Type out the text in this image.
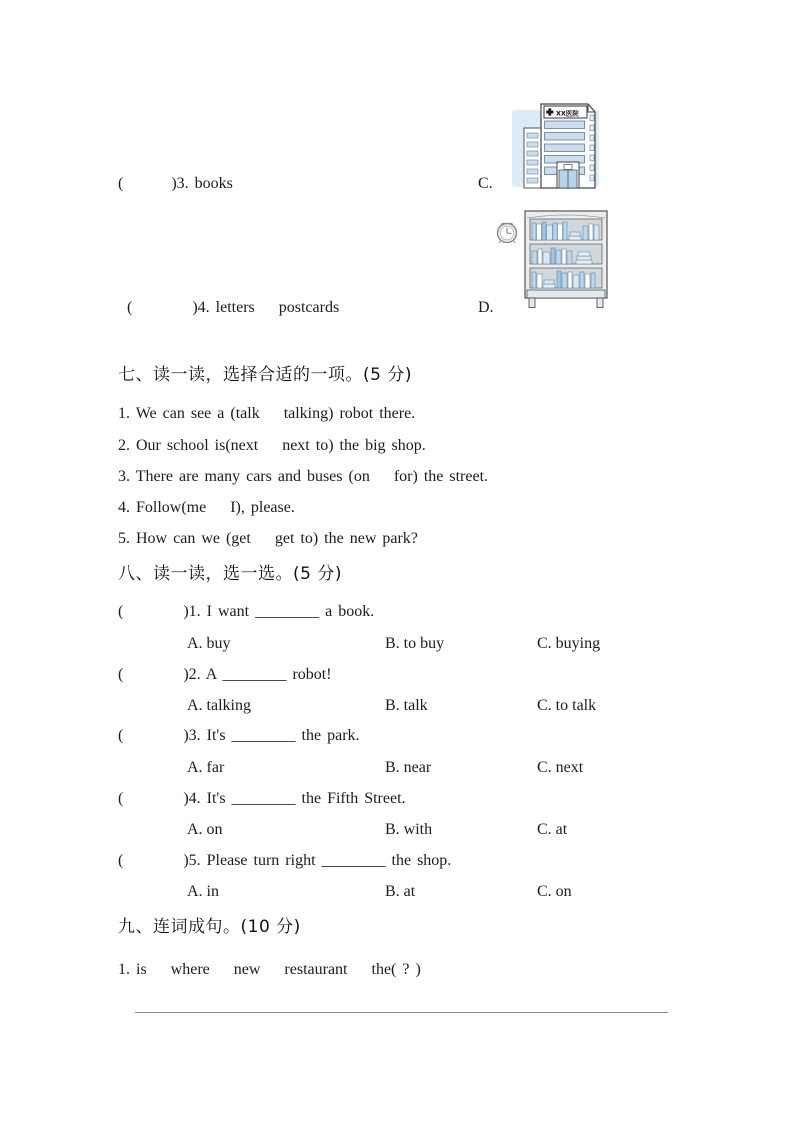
(        )3. books	C.
XX医院
(          )4. letters    postcards	D.
七、读一读，选择合适的一项。(5 分)
1. We can see a (talk    talking) robot there.
2. Our school is(next    next to) the big shop.
3. There are many cars and buses (on    for) the street.
4. Follow(me    I), please.
5. How can we (get    get to) the new park?
八、读一读，选一选。(5 分)
(          )1. I want ________ a book.
A. buy	B. to buy	C. buying
(          )2. A ________ robot!
A. talking	B. talk	C. to talk
(          )3. It's ________ the park.
A. far	B. near	C. next
(          )4. It's ________ the Fifth Street.
A. on	B. with	C. at
(          )5. Please turn right ________ the shop.
A. in	B. at	C. on
九、连词成句。(10 分)
1. is    where    new    restaurant    the( ? )
